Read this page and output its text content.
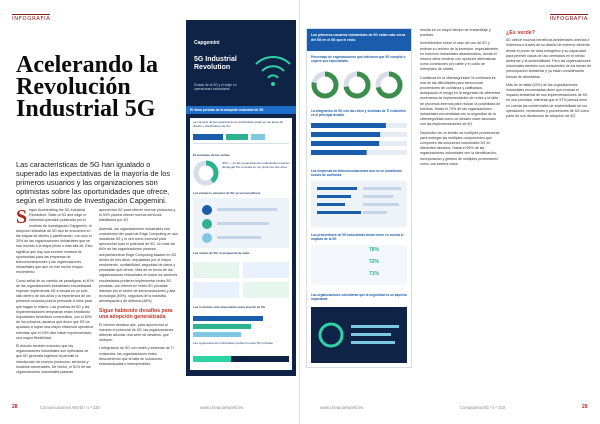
INFOGRAFIA
Acelerando la Revolución Industrial 5G
Las características de 5G han igualado o superado las expectativas de la mayoría de los primeros usuarios y las organizaciones son optimistas sobre las oportunidades que ofrece, según el Instituto de Investigación Capgemini.

Según Accelerating the 5G Industrial Revolution: State of 5G and edge in industrial operation publicado por el Instituto de Investigación Capgemini, la adopción industrial de 5G aún se encuentra en las etapas de diseño y planificación, con solo el 30% de las organizaciones industriales que se han movido a la etapa piloto o más allá de. Esto significa que hay una enorme ventana de oportunidad para las empresas de telecomunicaciones y las organizaciones industriales que aún no han hecho ningún movimiento.

Como señal de un cambio de paradigma, el 40% de las organizaciones industriales encuestadas esperan implementar 5G a escala en un solo sitio dentro de dos años y la experiencia de los primeros usuarios podría persuadir a otros para que hagan lo mismo. Las pruebas de 5G y las implementaciones tempranas están brindando importantes beneficios comerciales, con el 60% de los primeros usuarios que dicen que 5G ha ayudado a lograr una mayor eficiencia operativa, mientras que el 43% dice haber experimentado una mayor flexibilidad.

El estudio también encontró que las organizaciones industriales son optimistas de que 5G generará ingresos al permitir la introducción de nuevos productos, servicios y modelos comerciales. De hecho, el 51% de las organizaciones industriales planean

aprovechar 5G para ofrecer nuevos productos y el 50% planea ofrecer nuevos servicios habilitados por 5G.

Además, las organizaciones industriales son conscientes del papel de Edge Computing en sus iniciativas 5G y lo ven como esencial para aprovechar todo el potencial de 5G. Un total del 84% de las organizaciones planean aceptar/acelerar Edge Computing basado en 5G dentro de tres años, impulsadas por el mayor rendimiento, confiabilidad, seguridad de datos y privacidad que ofrece. Más de un tercio de las organizaciones industriales en todos los sectores encuestados prefieren implementar redes 5G privadas, con interés en redes 5G privadas liderado por el sector de semiconductores y alta tecnología (50%), seguidos de la industria aeroespacial y de defensa (48%).

Sigue habiendo desafíos para una adopción generalizada

El informe destaca que, para aprovechar al máximo el potencial de 5G, las organizaciones deberán abordar una serie de desafíos, que incluyen:

• Integración de 5G con redes y sistemas de TI existentes: las organizaciones están descubriendo que la falta de soluciones estandarizadas e interoperables

Capgemini
5G Industrial Revolution
Estado de la 5G y el edge en operaciones industriales
El ritmo previsto de la adopción industrial de 5G
La mayoría de las organizaciones industriales están en las fases de diseño y planificación de 5G
El momento de las ventas
40% — de las organizaciones industriales esperan desplegar 5G a escala en los próximos dos años
Los primeros usuarios de 5G ya ven beneficios
Las ventas de 5G: la propuesta de valor
Las 3 razones más importantes para invertir en 5G
Las organizaciones industriales prefieren redes 5G privadas
28	Comunicaciones World / n.º 333	www.computerworld.es
INFOGRAFIA
Los primeros usuarios industriales de 5G están más cerca del 5G en el 5G que el resto
Porcentaje de organizaciones que indicaron que 5G cumplió o superó sus expectativas
La integración de 5G con las redes y sistemas de TI existentes es el principal desafío
Las empresas de telecomunicaciones aún no se consideran socios de confianza
Los proveedores de 5G industriales deben tener en cuenta el impacto de la 5G
78%
72%
71%
Las organizaciones consideran que la seguridad es un aspecto importante

resulta en un mayor tiempo de ensamblaje y pruebas.

Incertidumbre sobre el caso de uso de 5G y estimar su retorno de la inversión, especialmente en entornos industriales abandonados, donde el retorno debe medirse con opciones alternativas como conexiones por cable y el costo de reemplazo de cables.

Confianza en la ciberseguridad: la confianza es una de las dificultades para seleccionar proveedores de confianza y calificados, anticipando el riesgo en la seguridad de diferentes escenarios de implementación de redes y la falta de procesos internos para reducir la posibilidad de brechas. Hasta el 73% de las organizaciones industriales encuestadas ven la seguridad de la ciberseguridad como un desafío clave asociado con las implementaciones de 5G.

Dependen de un ámbito de múltiples proveedores para entregar las múltiples componentes que componen las soluciones industriales 5G en diferentes desafíos. Hasta el 69% de las organizaciones industriales ven la identificación, incorporación y gestión de múltiples proveedores como una barrera clave.

¿Es verde?

5G ofrece muchos beneficios ambientales directos e indirectos a través de su diseño de extremo eficiente desde el punto de vista energético y su capacidad para permitir casos de uso centrados en el medio ambiente y la sostenibilidad. Pero las organizaciones industriales también son conscientes de los temas de preocupación ambiental y ya están considerando formas de abordarlas.

Más de la mitad (53%) de las organizaciones industriales encuestadas dicen que evaluar el impacto ambiental de sus implementaciones de 5G es una prioridad, mientras que el 57% piensa tener en cuenta las credenciales de sostenibilidad de los operadores, vendedores y proveedores de 5G como parte de sus decisiones de adopción de 5G.

www.computerworld.es	Computerworld / n.º 333	29
